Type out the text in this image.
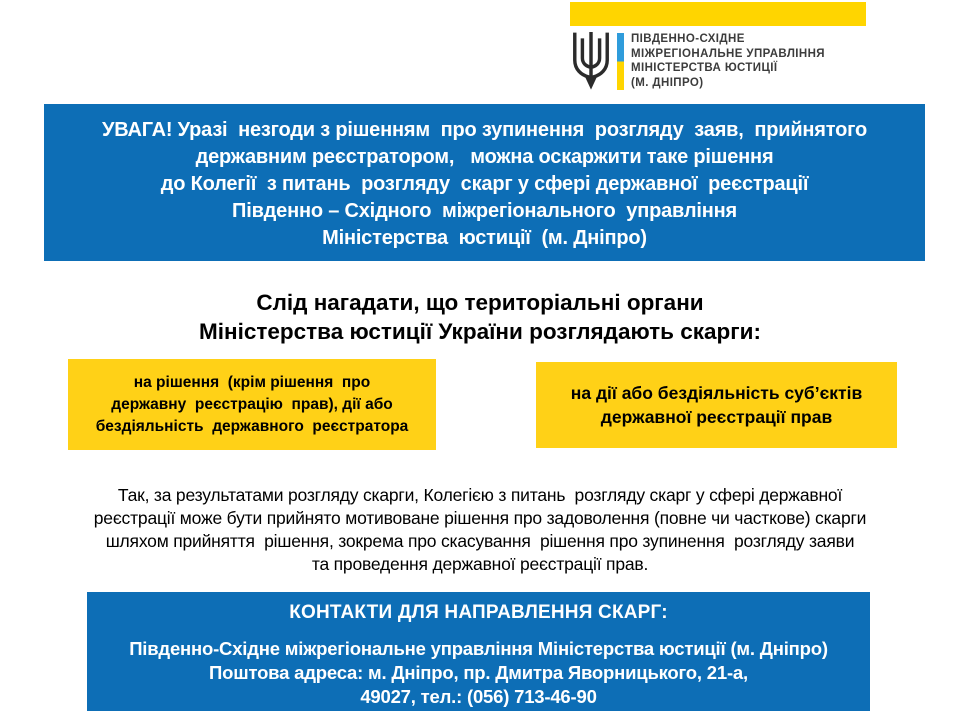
ПІВДЕННО-СХІДНЕ
МІЖРЕГІОНАЛЬНЕ УПРАВЛІННЯ
МІНІСТЕРСТВА ЮСТИЦІЇ
(М. ДНІПРО)
УВАГА! Уразі  незгоди з рішенням  про зупинення  розгляду  заяв,  прийнятого
державним реєстратором,   можна оскаржити таке рішення
до Колегії  з питань  розгляду  скарг у сфері державної  реєстрації
Південно – Східного  міжрегіонального  управління
Міністерства  юстиції  (м. Дніпро)
Слід нагадати, що територіальні органи
Міністерства юстиції України розглядають скарги:
на рішення  (крім рішення  про
державну  реєстрацію  прав), дії або
бездіяльність  державного  реєстратора
на дії або бездіяльність суб’єктів
державної реєстрації прав
Так, за результатами розгляду скарги, Колегією з питань  розгляду скарг у сфері державної
реєстрації може бути прийнято мотивоване рішення про задоволення (повне чи часткове) скарги
шляхом прийняття  рішення, зокрема про скасування  рішення про зупинення  розгляду заяви
та проведення державної реєстрації прав.
КОНТАКТИ ДЛЯ НАПРАВЛЕННЯ СКАРГ:
Південно-Східне міжрегіональне управління Міністерства юстиції (м. Дніпро)
Поштова адреса: м. Дніпро, пр. Дмитра Яворницького, 21-а,
49027, тел.: (056) 713-46-90
